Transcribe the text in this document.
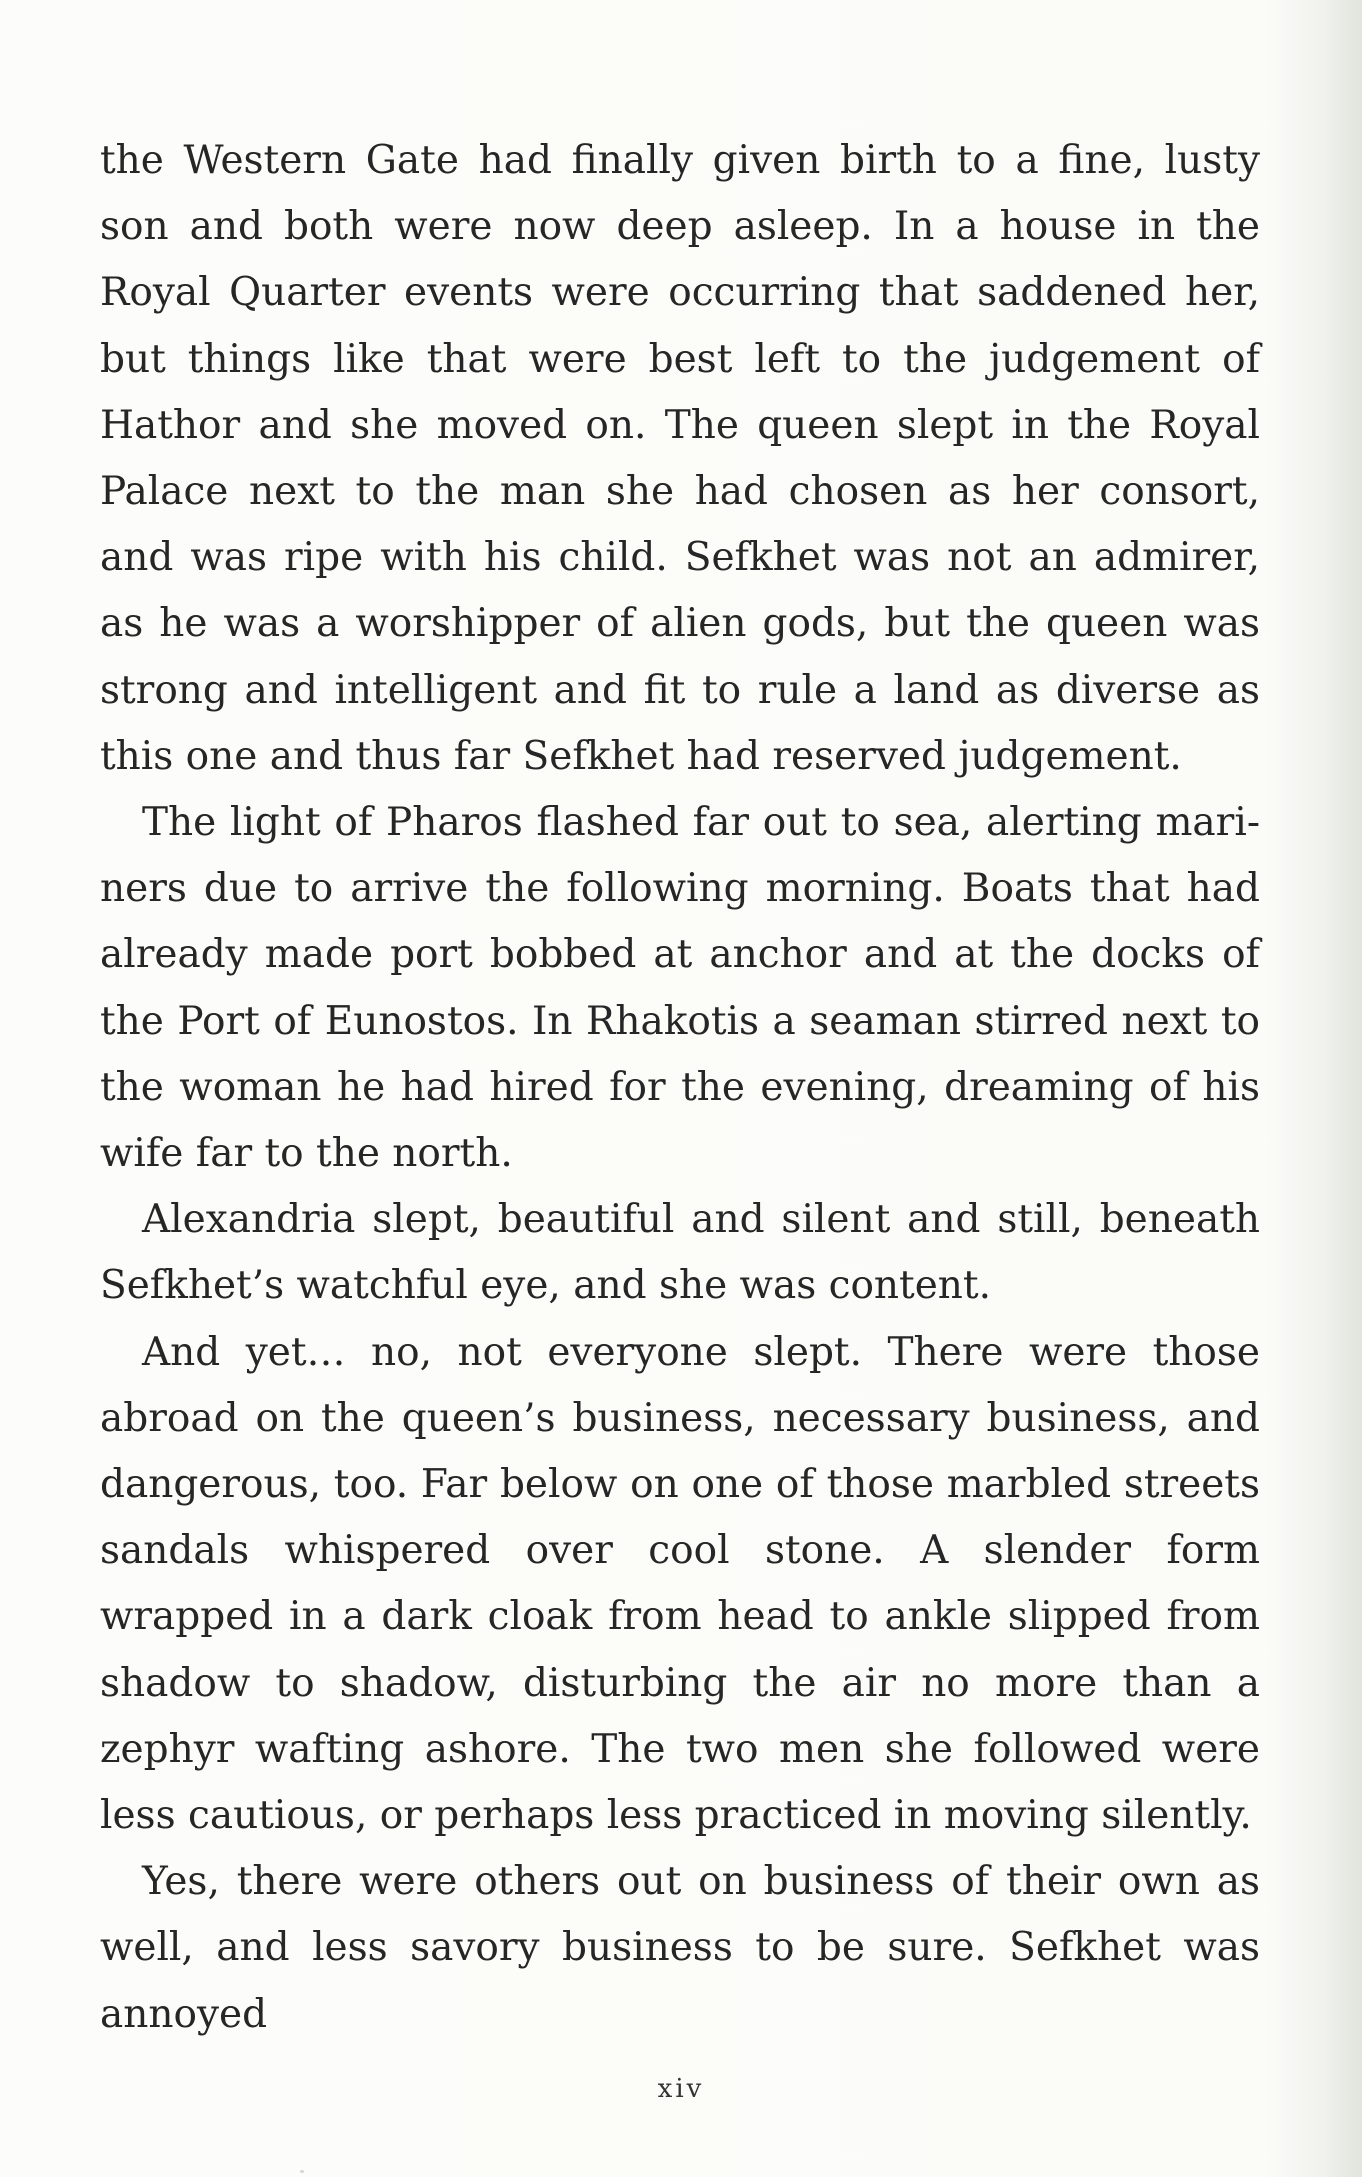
the Western Gate had finally given birth to a fine, lusty son and both were now deep asleep. In a house in the Royal Quarter events were occurring that saddened her, but things like that were best left to the judgement of Hathor and she moved on. The queen slept in the Royal Palace next to the man she had chosen as her consort, and was ripe with his child. Sefkhet was not an admirer, as he was a worshipper of alien gods, but the queen was strong and intelligent and fit to rule a land as diverse as this one and thus far Sefkhet had reserved judgement.

The light of Pharos flashed far out to sea, alerting mariners due to arrive the following morning. Boats that had already made port bobbed at anchor and at the docks of the Port of Eunostos. In Rhakotis a seaman stirred next to the woman he had hired for the evening, dreaming of his wife far to the north.

Alexandria slept, beautiful and silent and still, beneath Sefkhet’s watchful eye, and she was content.

And yet… no, not everyone slept. There were those abroad on the queen’s business, necessary business, and dangerous, too. Far below on one of those marbled streets sandals whispered over cool stone. A slender form wrapped in a dark cloak from head to ankle slipped from shadow to shadow, disturbing the air no more than a zephyr wafting ashore. The two men she followed were less cautious, or perhaps less practiced in moving silently.

Yes, there were others out on business of their own as well, and less savory business to be sure. Sefkhet was annoyed

xiv
